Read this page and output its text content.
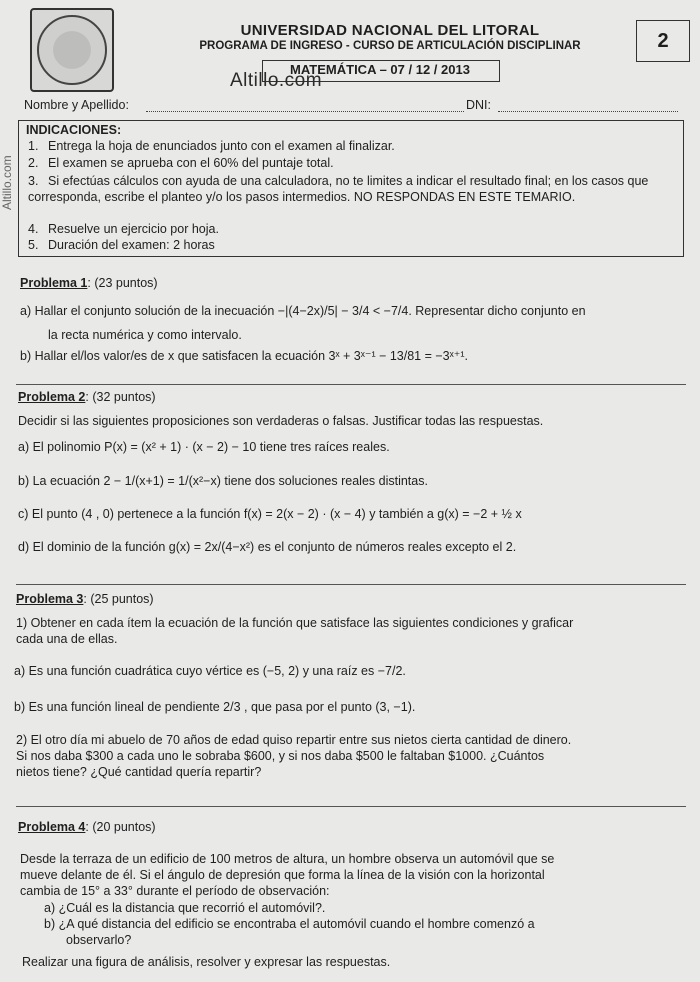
UNIVERSIDAD NACIONAL DEL LITORAL
PROGRAMA DE INGRESO - CURSO DE ARTICULACIÓN DISCIPLINAR
MATEMÁTICA – 07 / 12 / 2013
2
Altillo.com
Altillo.com
Nombre y Apellido:	DNI:
INDICACIONES:
1. Entrega la hoja de enunciados junto con el examen al finalizar.
2. El examen se aprueba con el 60% del puntaje total.
3. Si efectúas cálculos con ayuda de una calculadora, no te limites a indicar el resultado final; en los casos que corresponda, escribe el planteo y/o los pasos intermedios. NO RESPONDAS EN ESTE TEMARIO.
4. Resuelve un ejercicio por hoja.
5. Duración del examen: 2 horas
Problema 1: (23 puntos)
a) Hallar el conjunto solución de la inecuación −|(4−2x)/5| − 3/4 < −7/4. Representar dicho conjunto en
la recta numérica y como intervalo.
b) Hallar el/los valor/es de x que satisfacen la ecuación 3ˣ + 3ˣ⁻¹ − 13/81 = −3ˣ⁺¹.
Problema 2: (32 puntos)
Decidir si las siguientes proposiciones son verdaderas o falsas. Justificar todas las respuestas.
a) El polinomio P(x) = (x² + 1) · (x − 2) − 10 tiene tres raíces reales.
b) La ecuación 2 − 1/(x+1) = 1/(x²−x) tiene dos soluciones reales distintas.
c) El punto (4 , 0) pertenece a la función f(x) = 2(x − 2) · (x − 4) y también a g(x) = −2 + ½ x
d) El dominio de la función g(x) = 2x/(4−x²) es el conjunto de números reales excepto el 2.
Problema 3: (25 puntos)
1) Obtener en cada ítem la ecuación de la función que satisface las siguientes condiciones y graficar
cada una de ellas.
a) Es una función cuadrática cuyo vértice es (−5, 2) y una raíz es −7/2.
b) Es una función lineal de pendiente 2/3 , que pasa por el punto (3, −1).
2) El otro día mi abuelo de 70 años de edad quiso repartir entre sus nietos cierta cantidad de dinero.
Si nos daba $300 a cada uno le sobraba $600, y si nos daba $500 le faltaban $1000. ¿Cuántos
nietos tiene? ¿Qué cantidad quería repartir?
Problema 4: (20 puntos)
Desde la terraza de un edificio de 100 metros de altura, un hombre observa un automóvil que se
mueve delante de él. Si el ángulo de depresión que forma la línea de la visión con la horizontal
cambia de 15° a 33° durante el período de observación:
a) ¿Cuál es la distancia que recorrió el automóvil?.
b) ¿A qué distancia del edificio se encontraba el automóvil cuando el hombre comenzó a
observarlo?
Realizar una figura de análisis, resolver y expresar las respuestas.
